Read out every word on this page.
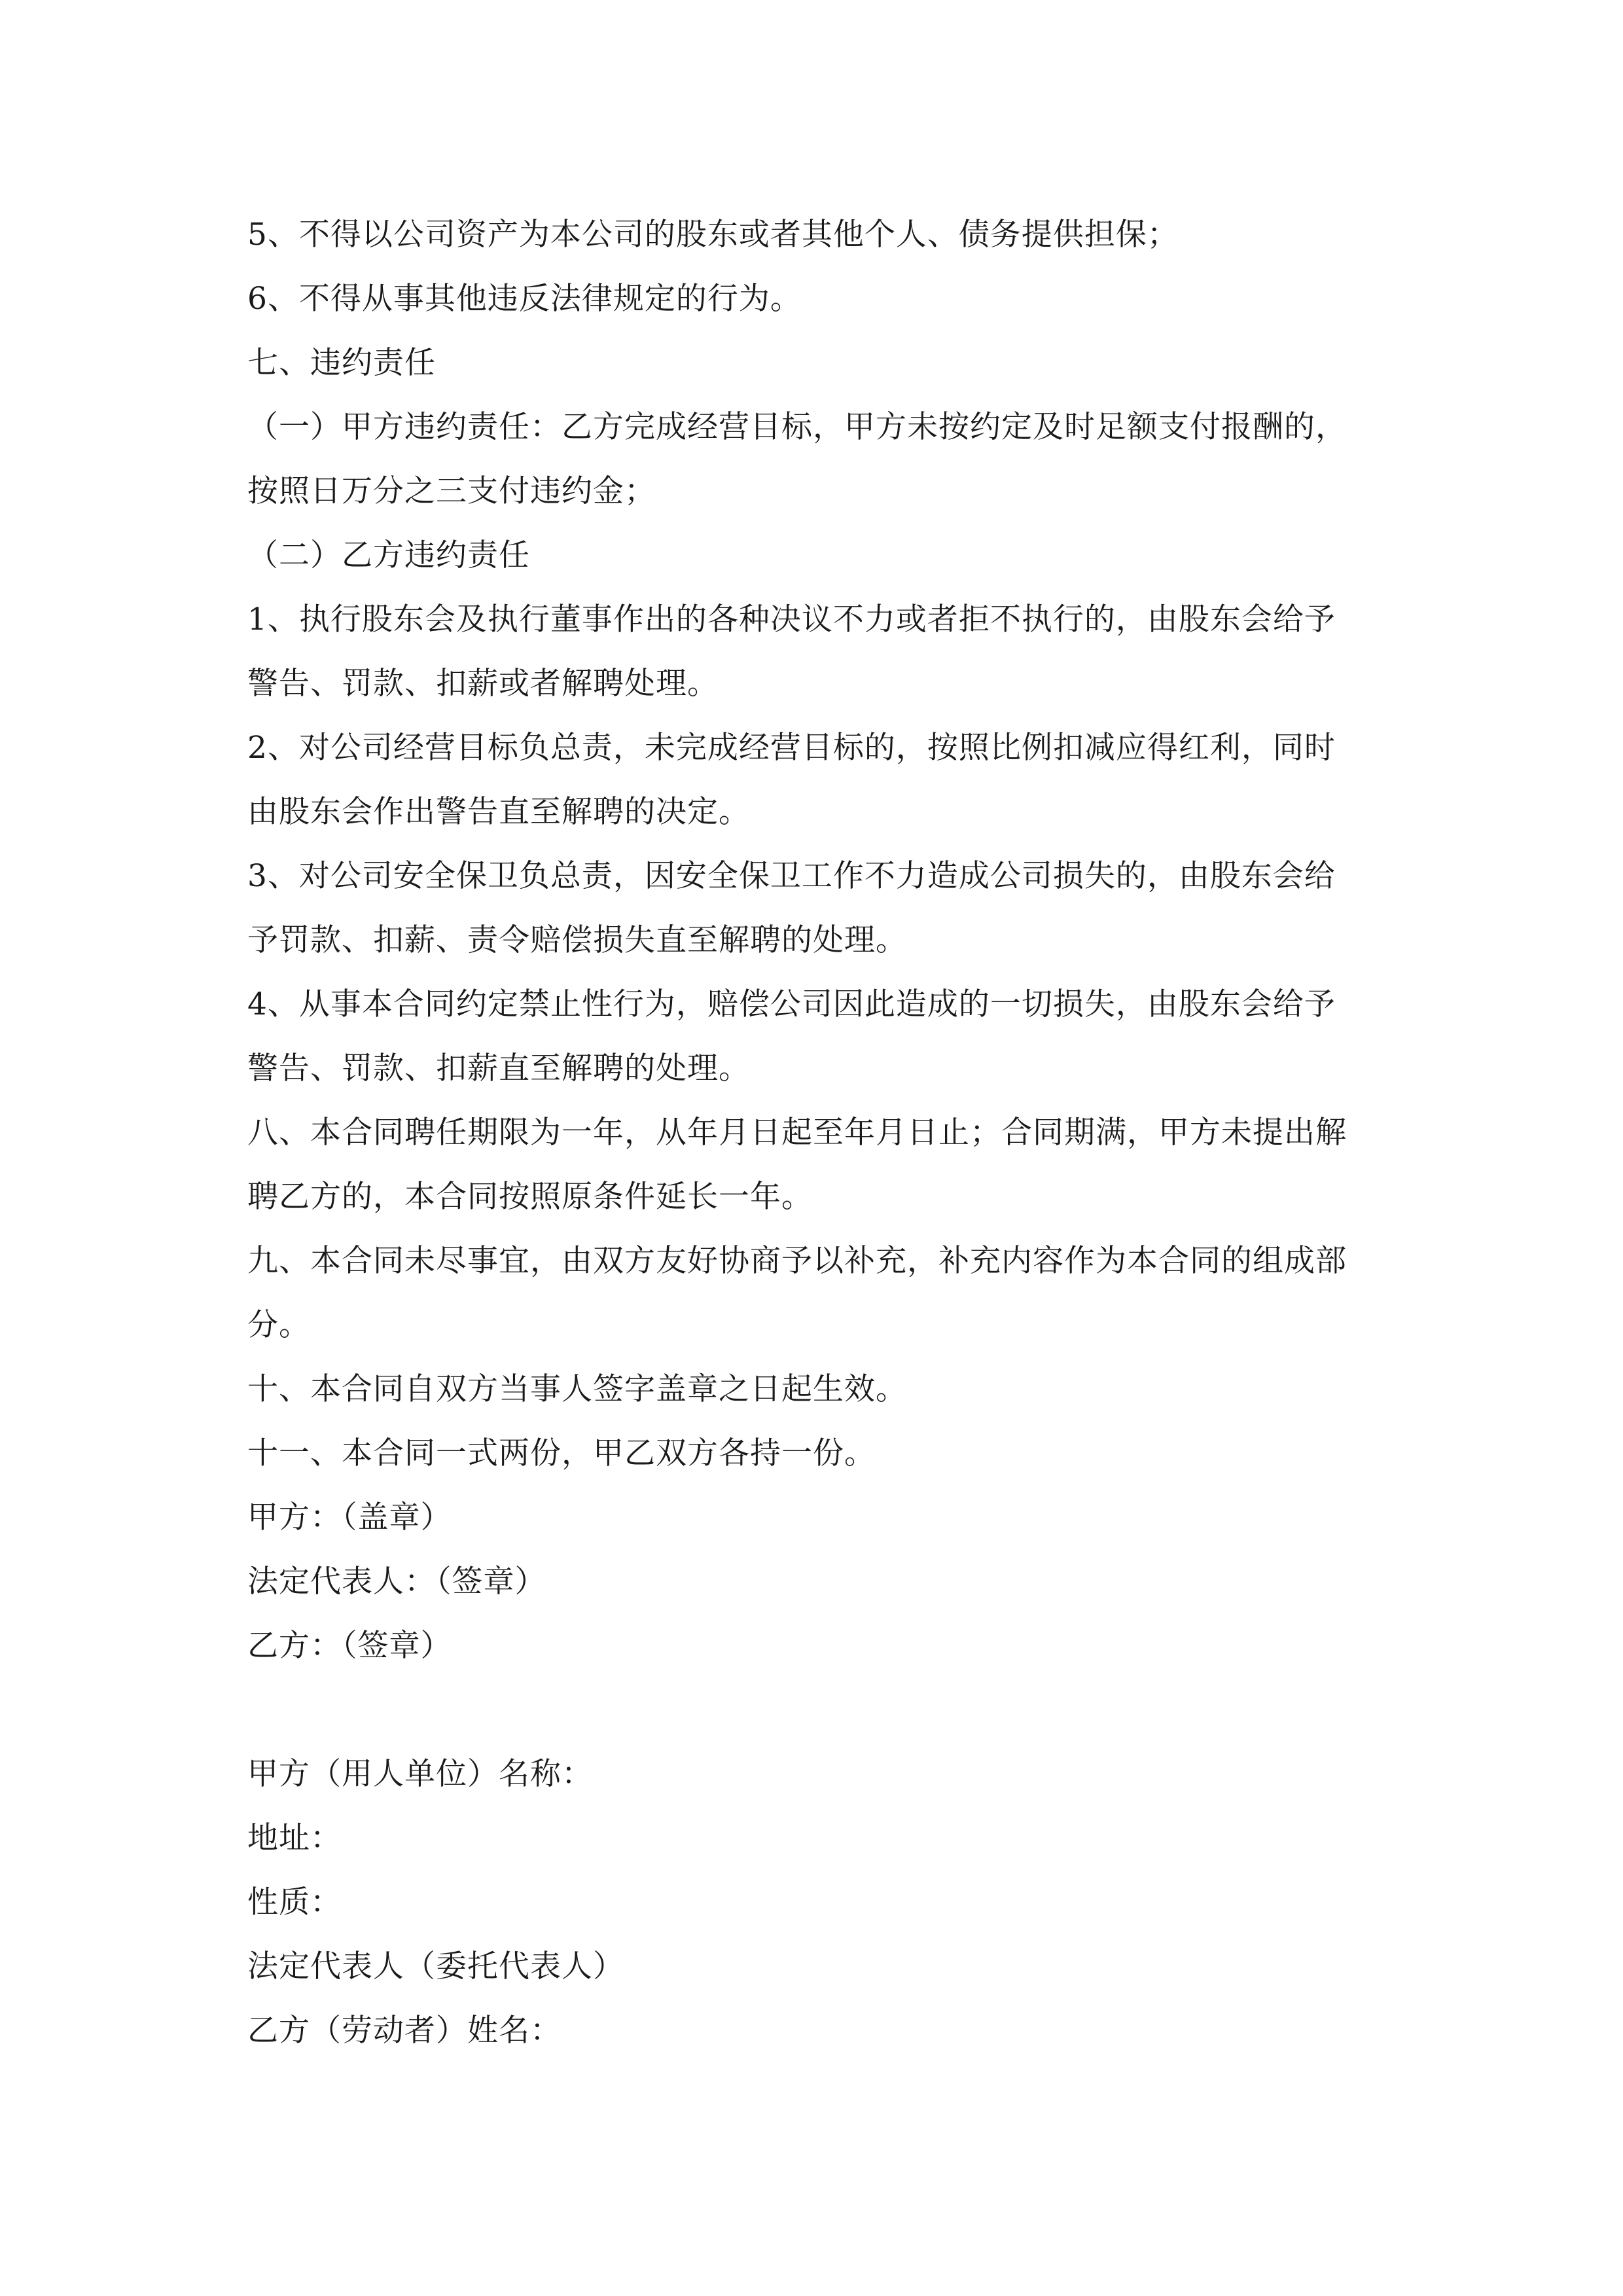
5、不得以公司资产为本公司的股东或者其他个人、债务提供担保；
6、不得从事其他违反法律规定的行为。
七、违约责任
（一）甲方违约责任：乙方完成经营目标，甲方未按约定及时足额支付报酬的，
按照日万分之三支付违约金；
（二）乙方违约责任
1、执行股东会及执行董事作出的各种决议不力或者拒不执行的，由股东会给予
警告、罚款、扣薪或者解聘处理。
2、对公司经营目标负总责，未完成经营目标的，按照比例扣减应得红利，同时
由股东会作出警告直至解聘的决定。
3、对公司安全保卫负总责，因安全保卫工作不力造成公司损失的，由股东会给
予罚款、扣薪、责令赔偿损失直至解聘的处理。
4、从事本合同约定禁止性行为，赔偿公司因此造成的一切损失，由股东会给予
警告、罚款、扣薪直至解聘的处理。
八、本合同聘任期限为一年，从年月日起至年月日止；合同期满，甲方未提出解
聘乙方的，本合同按照原条件延长一年。
九、本合同未尽事宜，由双方友好协商予以补充，补充内容作为本合同的组成部
分。
十、本合同自双方当事人签字盖章之日起生效。
十一、本合同一式两份，甲乙双方各持一份。
甲方：（盖章）
法定代表人：（签章）
乙方：（签章）
甲方（用人单位）名称：
地址：
性质：
法定代表人（委托代表人）
乙方（劳动者）姓名：
